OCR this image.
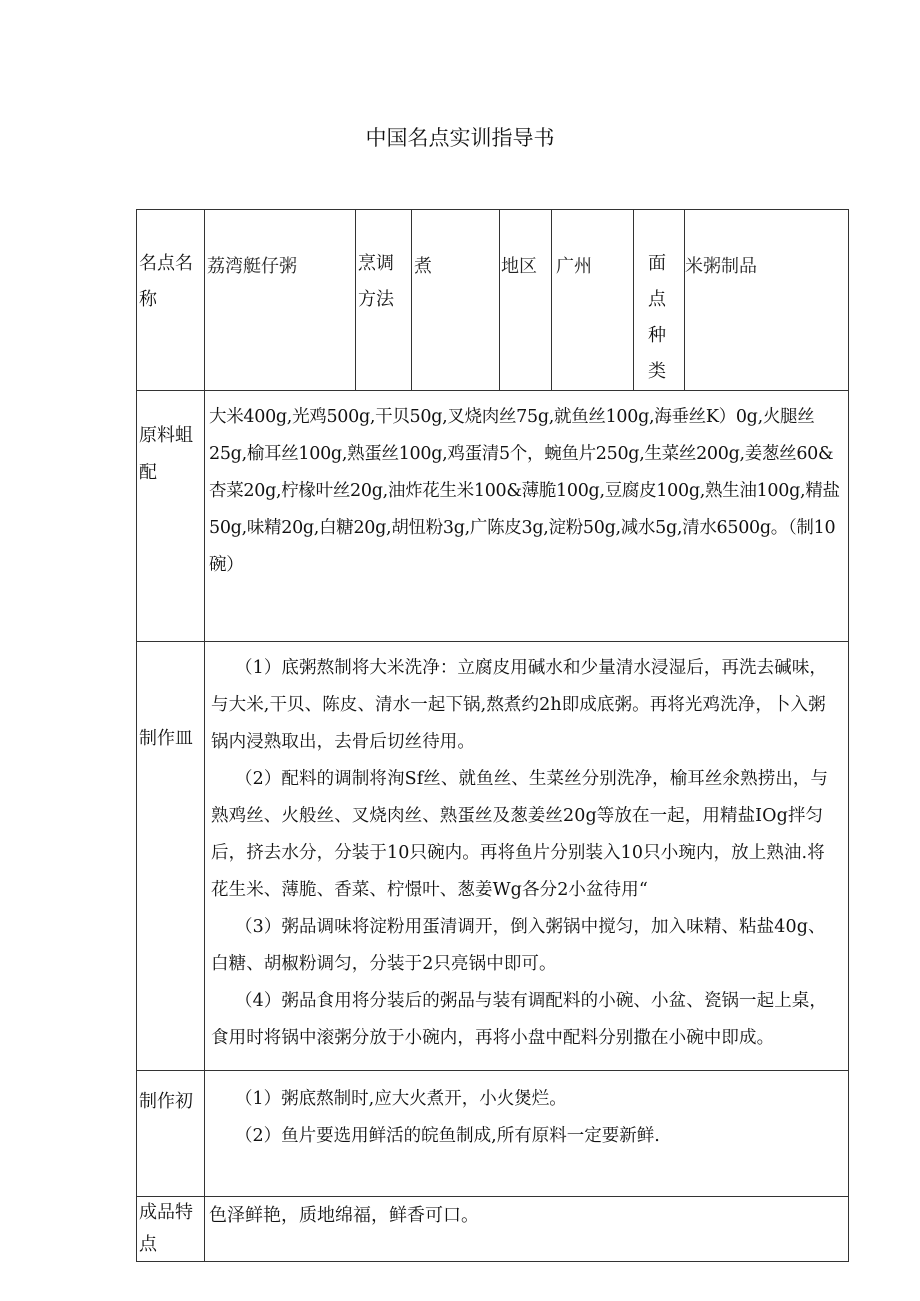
中国名点实训指导书
名点名称	荔湾艇仔粥	烹调方法	煮	地区	广州	面点种类	米粥制品

原料蛆配	大米400g,光鸡500g,干贝50g,叉烧肉丝75g,就鱼丝100g,海垂丝K）0g,火腿丝25g,榆耳丝100g,熟蛋丝100g,鸡蛋清5个，蜿鱼片250g,生菜丝200g,姜葱丝60&杏菜20g,柠椽叶丝20g,油炸花生米100&薄脆100g,豆腐皮100g,熟生油100g,精盐50g,味精20g,白糖20g,胡忸粉3g,广陈皮3g,淀粉50g,减水5g,清水6500g。（制10碗）						

制作皿	（1）底粥熬制将大米洗净：立腐皮用碱水和少量清水浸湿后，再洗去碱味，与大米,干贝、陈皮、清水一起下锅,熬煮约2h即成底粥。再将光鸡洗净，卜入粥锅内浸熟取出，去骨后切丝待用。

（2）配料的调制将洵Sf丝、就鱼丝、生菜丝分别洗净，榆耳丝氽熟捞出，与熟鸡丝、火般丝、叉烧肉丝、熟蛋丝及葱姜丝20g等放在一起，用精盐IOg拌匀后，挤去水分，分装于10只碗内。再将鱼片分别装入10只小琬内，放上熟油.将花生米、薄脆、香菜、柠憬叶、葱姜Wg各分2小盆待用“

（3）粥品调味将淀粉用蛋清调开，倒入粥锅中搅匀，加入味精、粘盐40g、白糖、胡椒粉调匀，分装于2只亮锅中即可。

（4）粥品食用将分装后的粥品与装有调配料的小碗、小盆、瓷锅一起上桌，食用时将锅中滚粥分放于小碗内，再将小盘中配料分别撒在小碗中即成。						

制作初	（1）粥底熬制时,应大火煮开，小火煲烂。

（2）鱼片要选用鲜活的皖鱼制成,所有原料一定要新鲜.						

成品特点	色泽鲜艳，质地绵福，鲜香可口。						
